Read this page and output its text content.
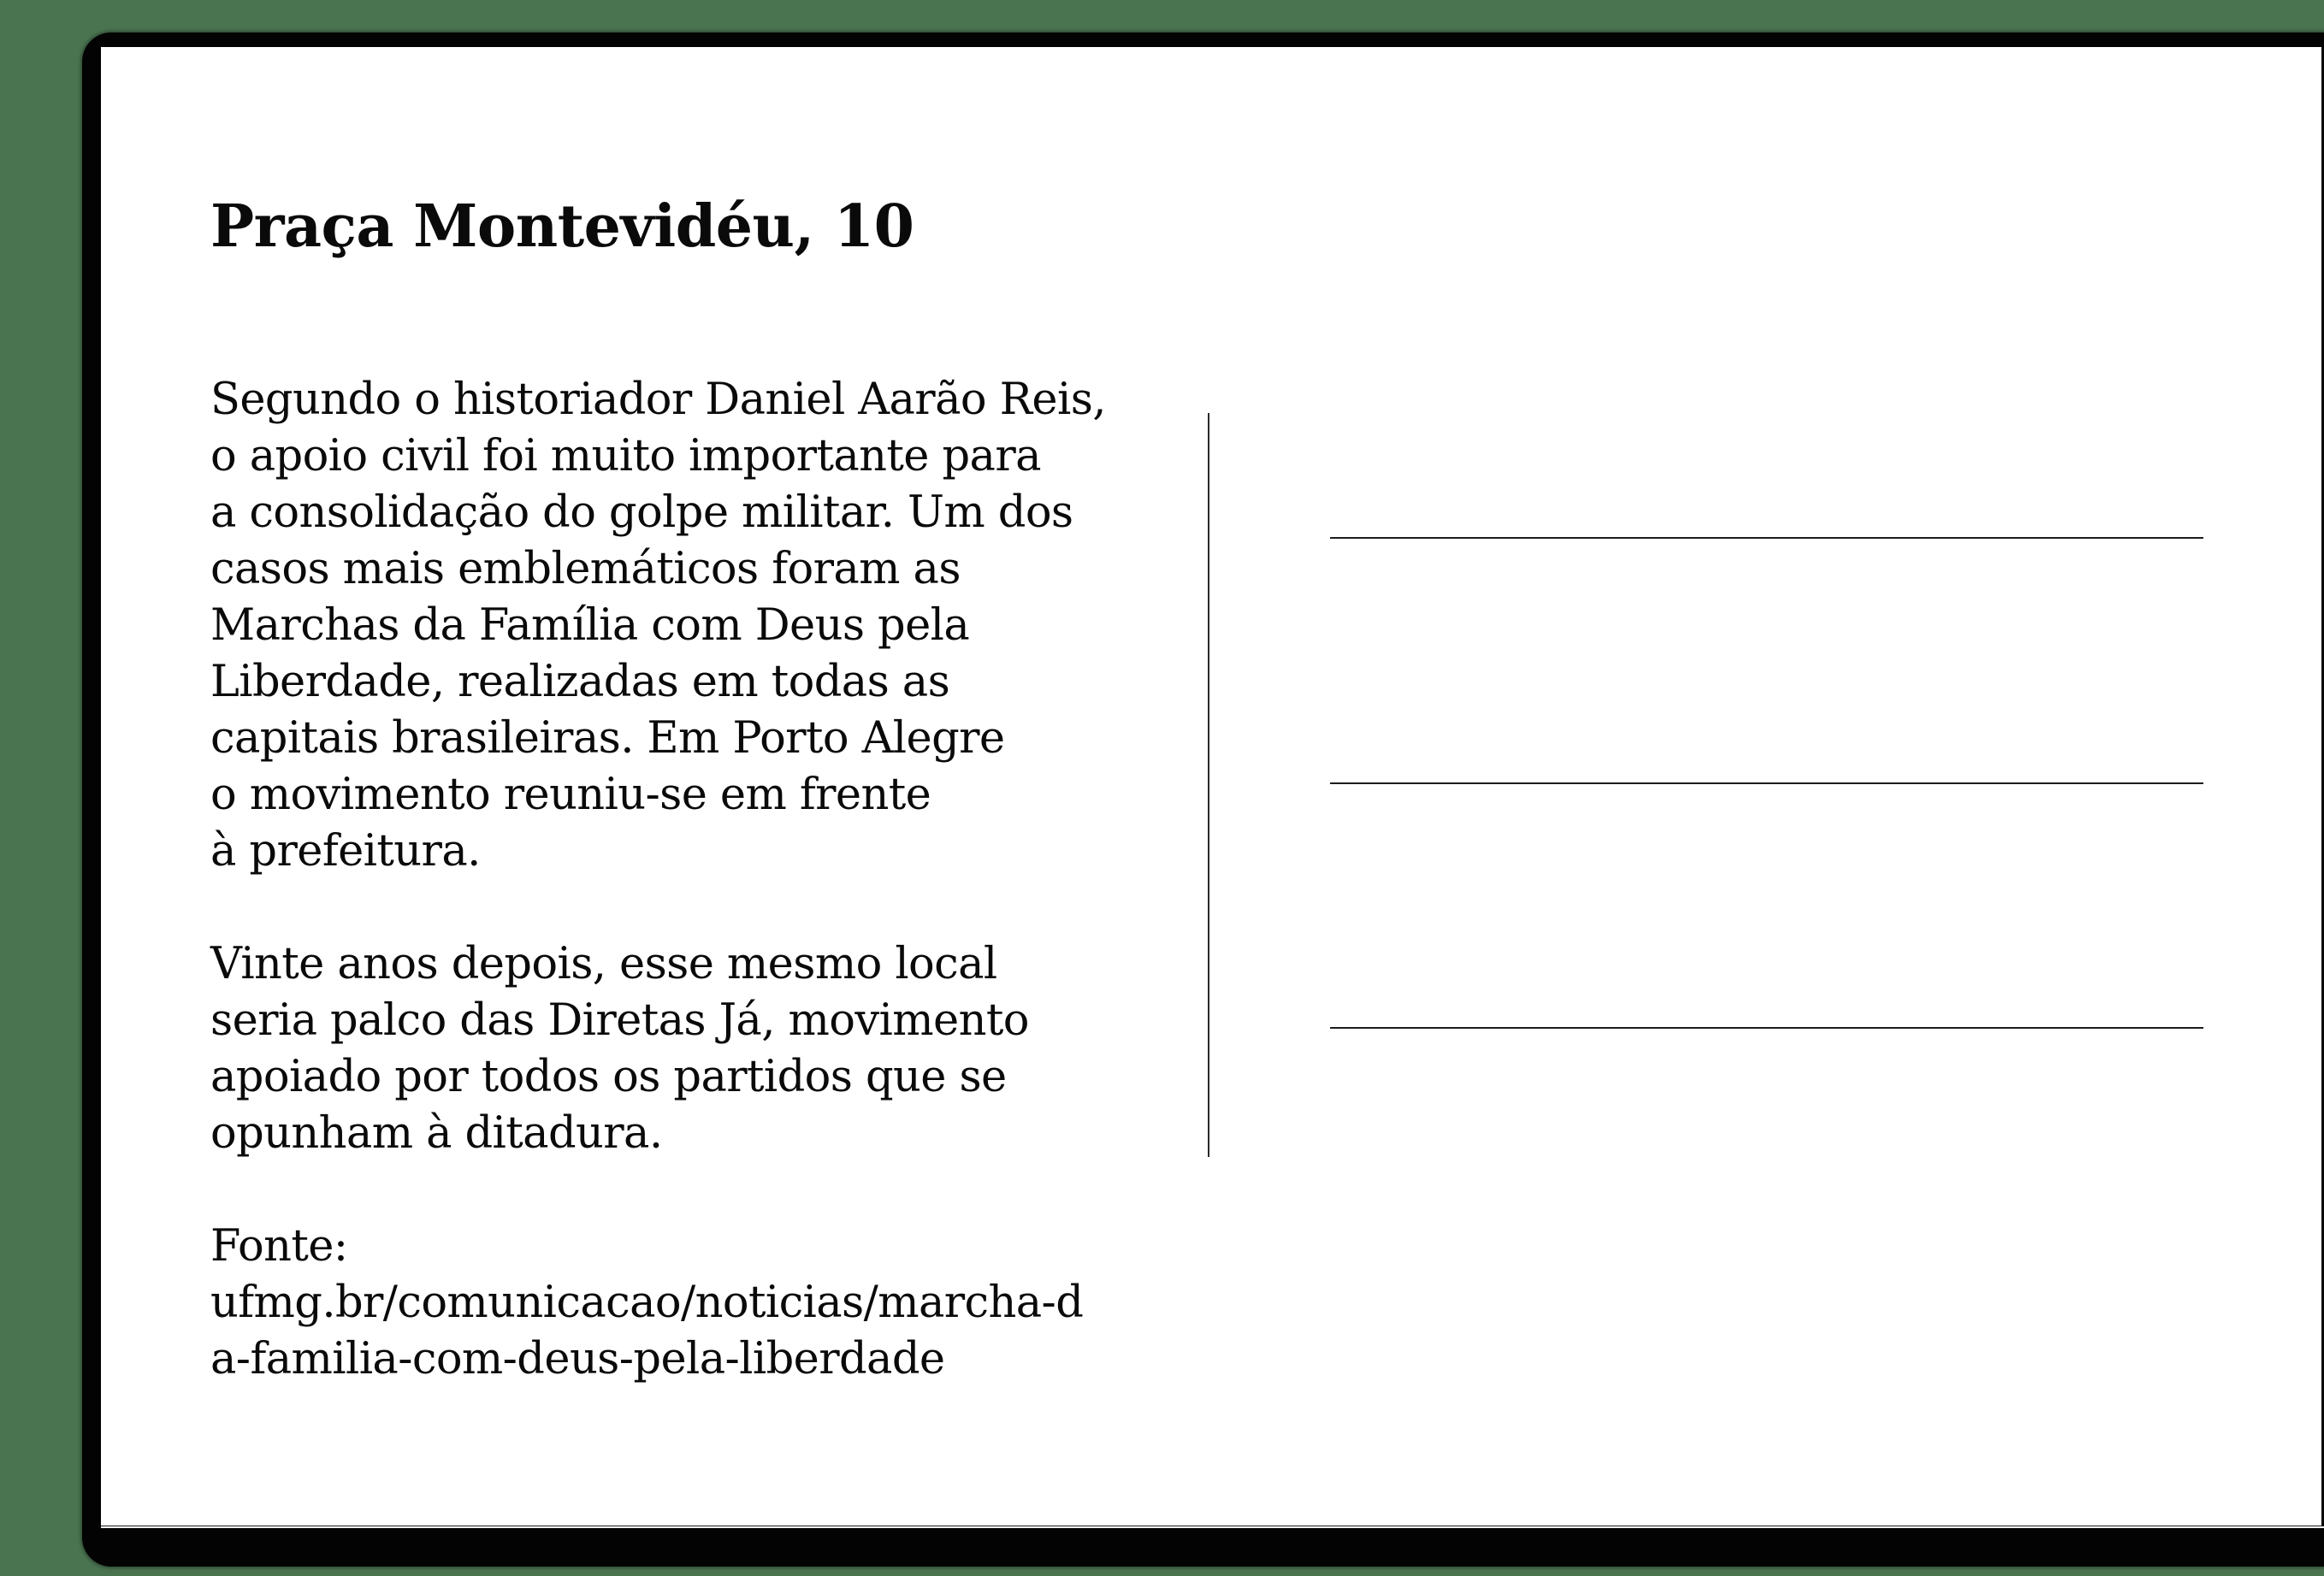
Praça Montevidéu, 10

Segundo o historiador Daniel Aarão Reis,
o apoio civil foi muito importante para
a consolidação do golpe militar. Um dos
casos mais emblemáticos foram as
Marchas da Família com Deus pela
Liberdade, realizadas em todas as
capitais brasileiras. Em Porto Alegre
o movimento reuniu-se em frente
à prefeitura.

Vinte anos depois, esse mesmo local
seria palco das Diretas Já, movimento
apoiado por todos os partidos que se
opunham à ditadura.

Fonte:
ufmg.br/comunicacao/noticias/marcha-d
a-familia-com-deus-pela-liberdade
